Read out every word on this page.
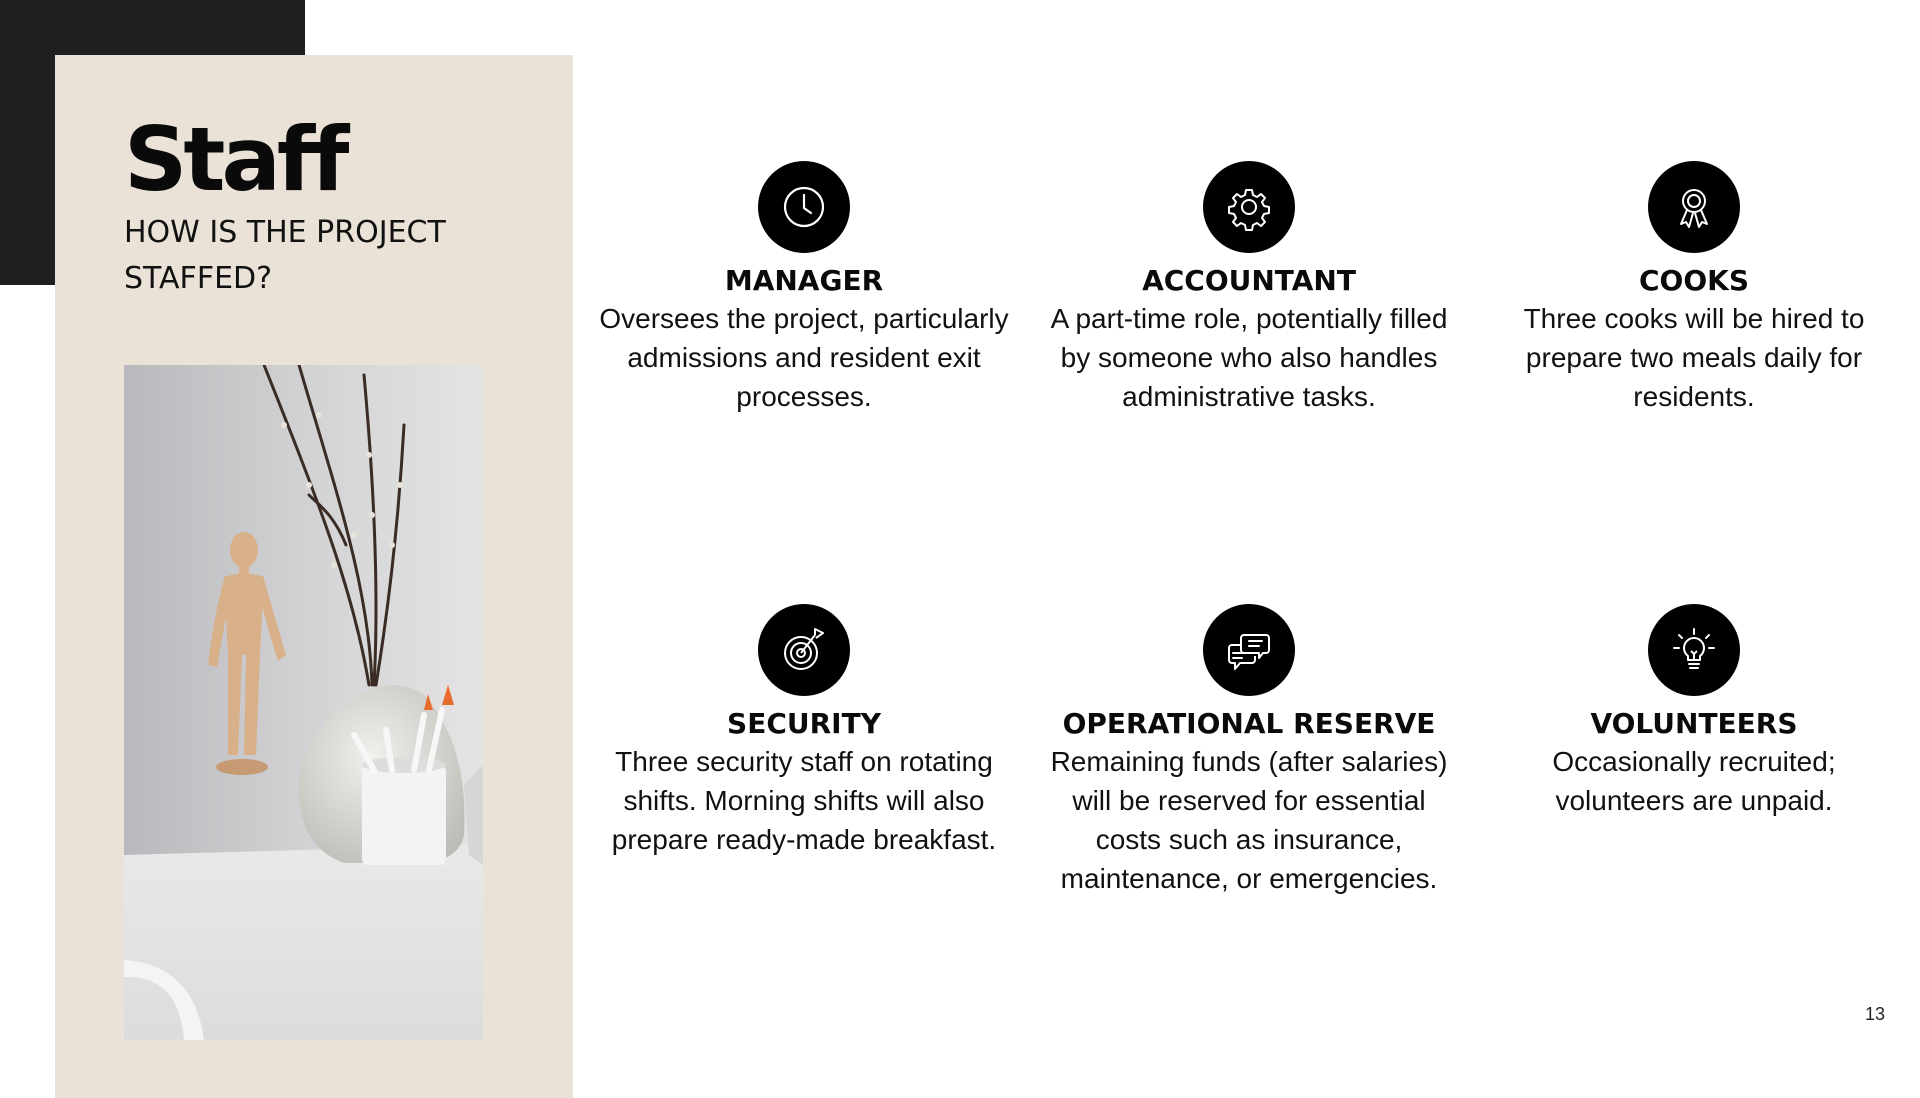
Staff

HOW IS THE PROJECT STAFFED?	MANAGER

Oversees the project, particularly admissions and resident exit processes.

ACCOUNTANT

A part-time role, potentially filled by someone who also handles administrative tasks.

COOKS

Three cooks will be hired to prepare two meals daily for residents.

SECURITY

Three security staff on rotating shifts. Morning shifts will also prepare ready-made breakfast.

OPERATIONAL RESERVE

Remaining funds (after salaries) will be reserved for essential costs such as insurance, maintenance, or emergencies.

VOLUNTEERS

Occasionally recruited; volunteers are unpaid.

13
